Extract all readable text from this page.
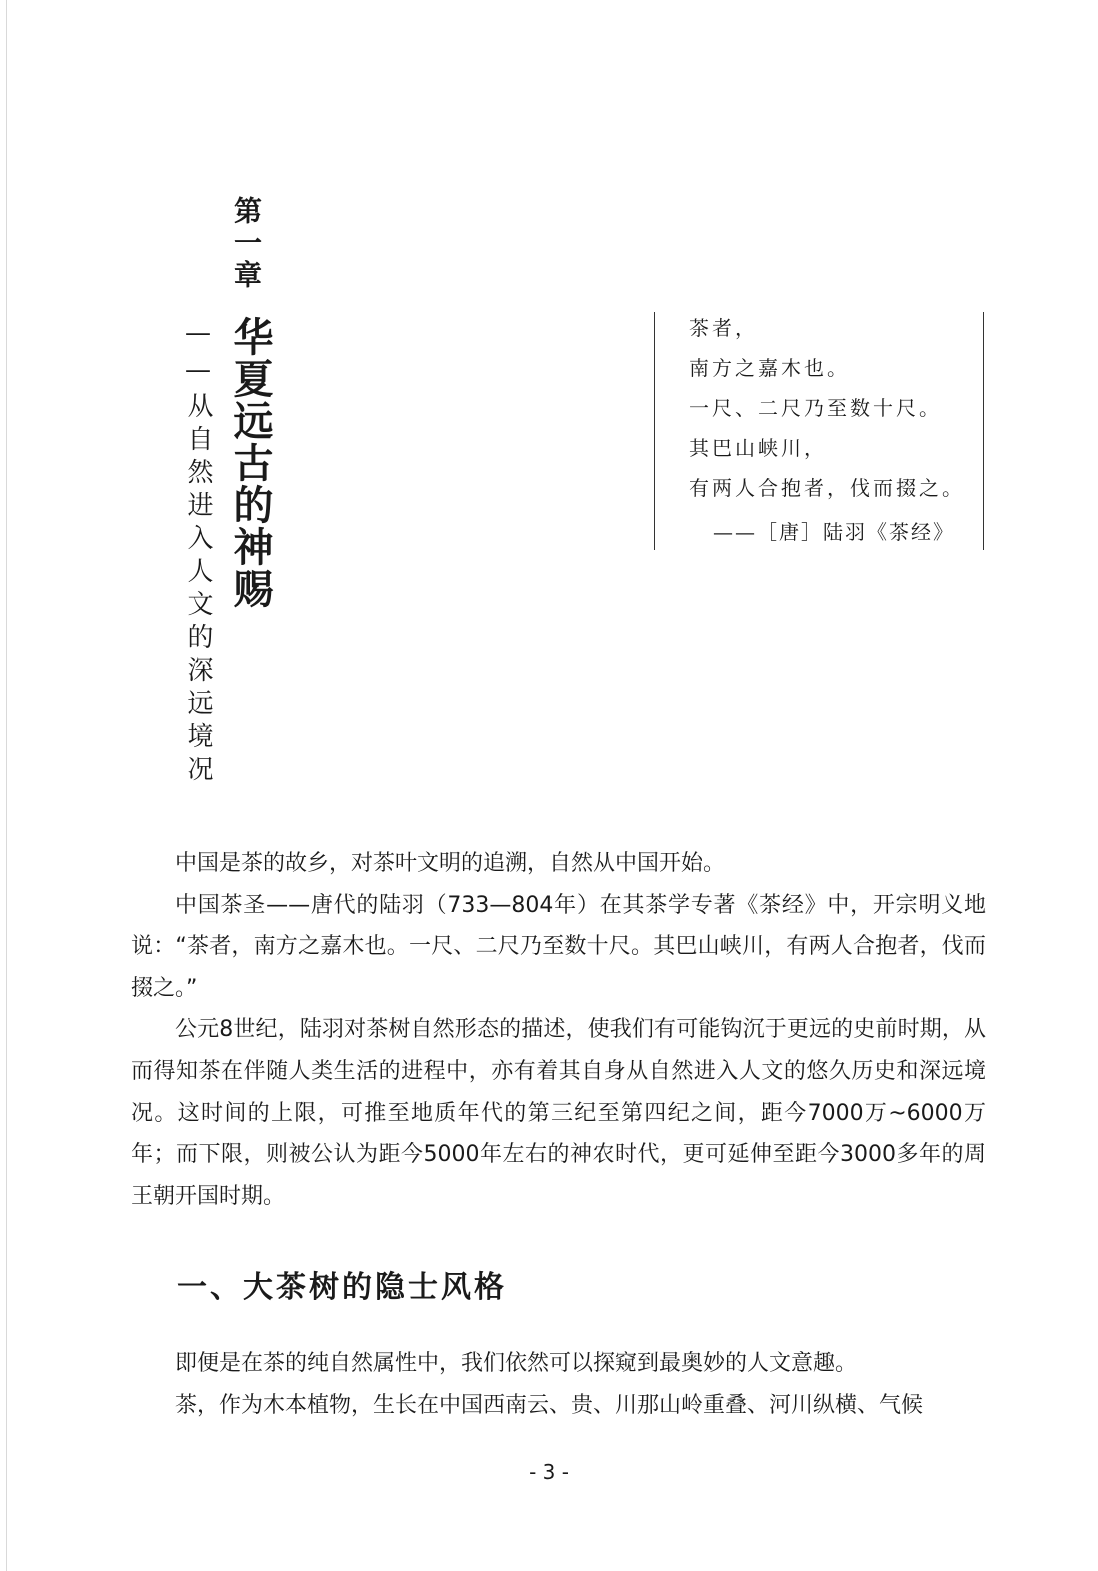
第一章
华夏远古的神赐
——从自然进入人文的深远境况	茶者，
南方之嘉木也。
一尺、二尺乃至数十尺。
其巴山峡川，
有两人合抱者，伐而掇之。
——［唐］陆羽《茶经》

中国是茶的故乡，对茶叶文明的追溯，自然从中国开始。

中国茶圣——唐代的陆羽（733—804年）在其茶学专著《茶经》中，开宗明义地说：“茶者，南方之嘉木也。一尺、二尺乃至数十尺。其巴山峡川，有两人合抱者，伐而掇之。”

公元8世纪，陆羽对茶树自然形态的描述，使我们有可能钩沉于更远的史前时期，从而得知茶在伴随人类生活的进程中，亦有着其自身从自然进入人文的悠久历史和深远境况。这时间的上限，可推至地质年代的第三纪至第四纪之间，距今7000万~6000万年；而下限，则被公认为距今5000年左右的神农时代，更可延伸至距今3000多年的周王朝开国时期。

一、大茶树的隐士风格

即便是在茶的纯自然属性中，我们依然可以探窥到最奥妙的人文意趣。

茶，作为木本植物，生长在中国西南云、贵、川那山岭重叠、河川纵横、气候

- 3 -
